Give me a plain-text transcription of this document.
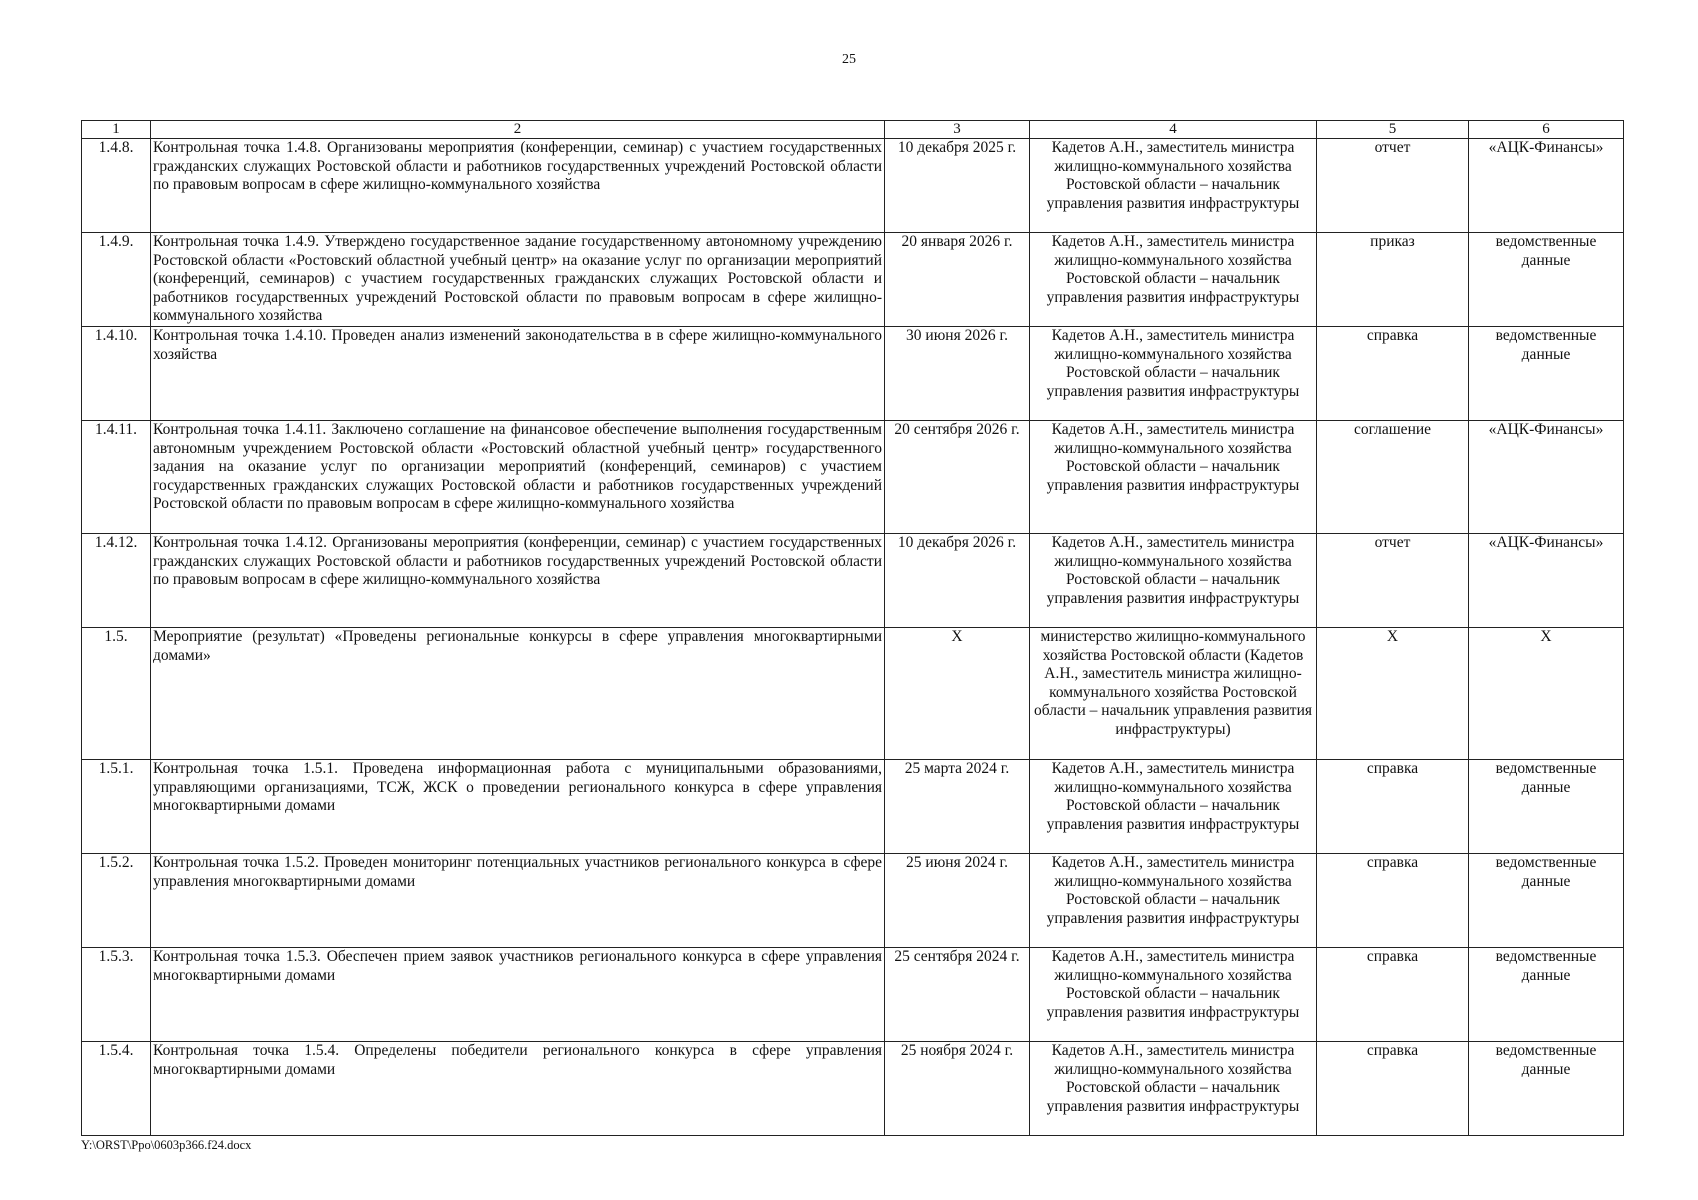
25
1	2	3	4	5	6
1.4.8.	Контрольная точка 1.4.8. Организованы мероприятия (конференции, семинар) с участием государственных гражданских служащих Ростовской области и работников государственных учреждений Ростовской области по правовым вопросам в сфере жилищно-коммунального хозяйства	10 декабря 2025 г.	Кадетов А.Н., заместитель министра жилищно-коммунального хозяйства Ростовской области – начальник управления развития инфраструктуры	отчет	«АЦК-Финансы»
1.4.9.	Контрольная точка 1.4.9. Утверждено государственное задание государственному автономному учреждению Ростовской области «Ростовский областной учебный центр» на оказание услуг по организации мероприятий (конференций, семинаров) с участием государственных гражданских служащих Ростовской области и работников государственных учреждений Ростовской области по правовым вопросам в сфере жилищно-коммунального хозяйства	20 января 2026 г.	Кадетов А.Н., заместитель министра жилищно-коммунального хозяйства Ростовской области – начальник управления развития инфраструктуры	приказ	ведомственные данные
1.4.10.	Контрольная точка 1.4.10. Проведен анализ изменений законодательства в в сфере жилищно-коммунального хозяйства	30 июня 2026 г.	Кадетов А.Н., заместитель министра жилищно-коммунального хозяйства Ростовской области – начальник управления развития инфраструктуры	справка	ведомственные данные
1.4.11.	Контрольная точка 1.4.11. Заключено соглашение на финансовое обеспечение выполнения государственным автономным учреждением Ростовской области «Ростовский областной учебный центр» государственного задания на оказание услуг по организации мероприятий (конференций, семинаров) с участием государственных гражданских служащих Ростовской области и работников государственных учреждений Ростовской области по правовым вопросам в сфере жилищно-коммунального хозяйства	20 сентября 2026 г.	Кадетов А.Н., заместитель министра жилищно-коммунального хозяйства Ростовской области – начальник управления развития инфраструктуры	соглашение	«АЦК-Финансы»
1.4.12.	Контрольная точка 1.4.12. Организованы мероприятия (конференции, семинар) с участием государственных гражданских служащих Ростовской области и работников государственных учреждений Ростовской области по правовым вопросам в сфере жилищно-коммунального хозяйства	10 декабря 2026 г.	Кадетов А.Н., заместитель министра жилищно-коммунального хозяйства Ростовской области – начальник управления развития инфраструктуры	отчет	«АЦК-Финансы»
1.5.	Мероприятие (результат) «Проведены региональные конкурсы в сфере управления многоквартирными домами»	Х	министерство жилищно-коммунального хозяйства Ростовской области (Кадетов А.Н., заместитель министра жилищно-коммунального хозяйства Ростовской области – начальник управления развития инфраструктуры)	Х	Х
1.5.1.	Контрольная точка 1.5.1. Проведена информационная работа с муниципальными образованиями, управляющими организациями, ТСЖ, ЖСК о проведении регионального конкурса в сфере управления многоквартирными домами	25 марта 2024 г.	Кадетов А.Н., заместитель министра жилищно-коммунального хозяйства Ростовской области – начальник управления развития инфраструктуры	справка	ведомственные данные
1.5.2.	Контрольная точка 1.5.2. Проведен мониторинг потенциальных участников регионального конкурса в сфере управления многоквартирными домами	25 июня 2024 г.	Кадетов А.Н., заместитель министра жилищно-коммунального хозяйства Ростовской области – начальник управления развития инфраструктуры	справка	ведомственные данные
1.5.3.	Контрольная точка 1.5.3. Обеспечен прием заявок участников регионального конкурса в сфере управления многоквартирными домами	25 сентября 2024 г.	Кадетов А.Н., заместитель министра жилищно-коммунального хозяйства Ростовской области – начальник управления развития инфраструктуры	справка	ведомственные данные
1.5.4.	Контрольная точка 1.5.4. Определены победители регионального конкурса в сфере управления многоквартирными домами	25 ноября 2024 г.	Кадетов А.Н., заместитель министра жилищно-коммунального хозяйства Ростовской области – начальник управления развития инфраструктуры	справка	ведомственные данные
Y:\ORST\Ppo\0603p366.f24.docx
